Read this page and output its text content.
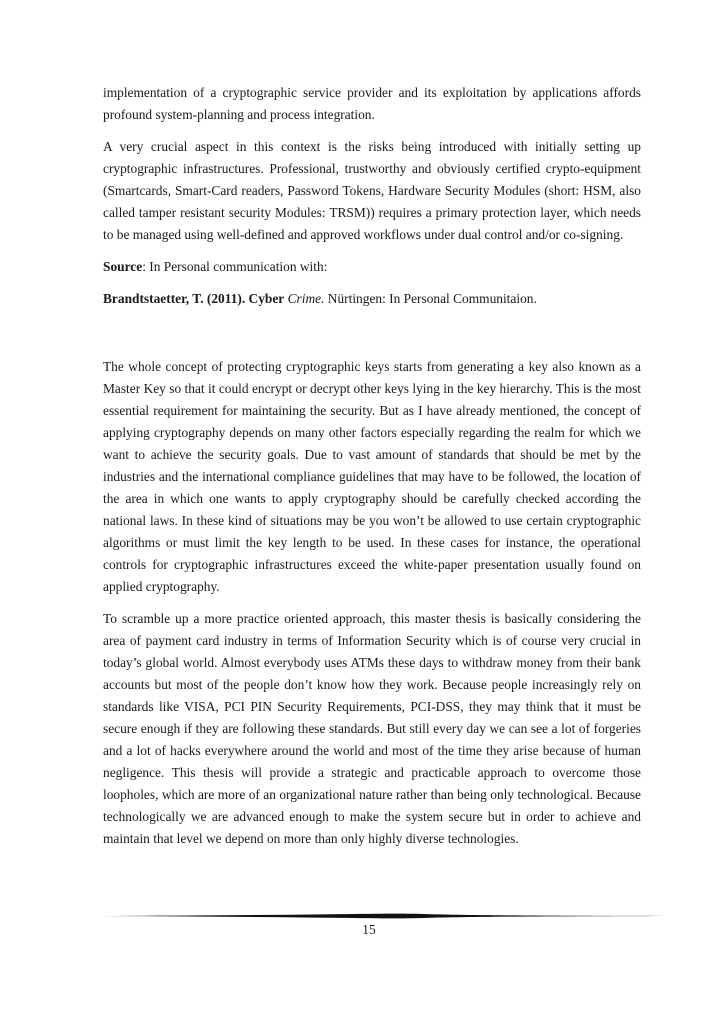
implementation of a cryptographic service provider and its exploitation by applications affords profound system-planning and process integration.

A very crucial aspect in this context is the risks being introduced with initially setting up cryptographic infrastructures. Professional, trustworthy and obviously certified crypto-equipment (Smartcards, Smart-Card readers, Password Tokens, Hardware Security Modules (short: HSM, also called tamper resistant security Modules: TRSM)) requires a primary protection layer, which needs to be managed using well-defined and approved workflows under dual control and/or co-signing.

Source: In Personal communication with:

Brandtstaetter, T. (2011). Cyber Crime. Nürtingen: In Personal Communitaion.

The whole concept of protecting cryptographic keys starts from generating a key also known as a Master Key so that it could encrypt or decrypt other keys lying in the key hierarchy. This is the most essential requirement for maintaining the security. But as I have already mentioned, the concept of applying cryptography depends on many other factors especially regarding the realm for which we want to achieve the security goals. Due to vast amount of standards that should be met by the industries and the international compliance guidelines that may have to be followed, the location of the area in which one wants to apply cryptography should be carefully checked according the national laws. In these kind of situations may be you won’t be allowed to use certain cryptographic algorithms or must limit the key length to be used. In these cases for instance, the operational controls for cryptographic infrastructures exceed the white-paper presentation usually found on applied cryptography.

To scramble up a more practice oriented approach, this master thesis is basically considering the area of payment card industry in terms of Information Security which is of course very crucial in today’s global world. Almost everybody uses ATMs these days to withdraw money from their bank accounts but most of the people don’t know how they work. Because people increasingly rely on standards like VISA, PCI PIN Security Requirements, PCI-DSS, they may think that it must be secure enough if they are following these standards. But still every day we can see a lot of forgeries and a lot of hacks everywhere around the world and most of the time they arise because of human negligence. This thesis will provide a strategic and practicable approach to overcome those loopholes, which are more of an organizational nature rather than being only technological. Because technologically we are advanced enough to make the system secure but in order to achieve and maintain that level we depend on more than only highly diverse technologies.

15
